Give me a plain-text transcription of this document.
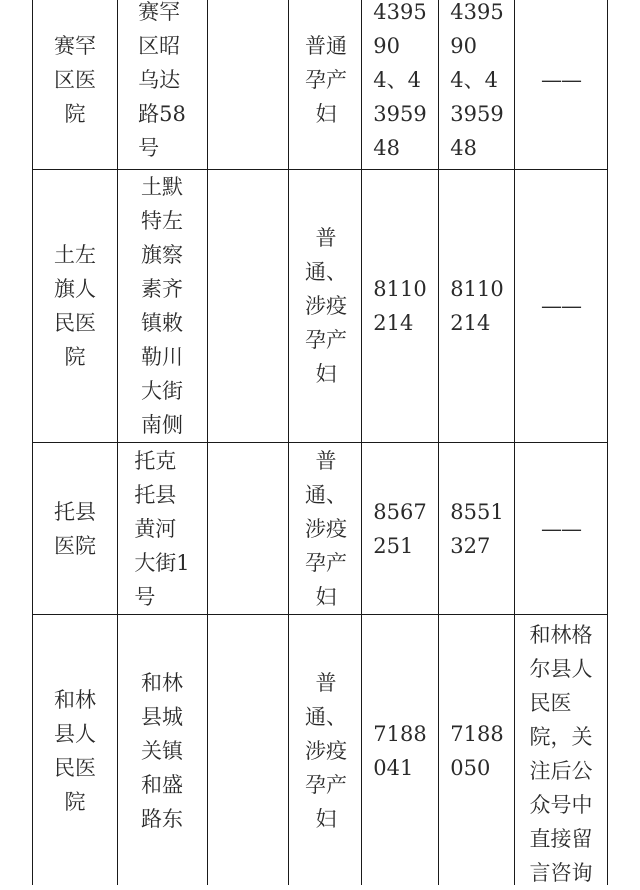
赛罕
区医
院
赛罕
区昭
乌达
路58
号
普通
孕产
妇
4395
90
4、4
3959
48
4395
90
4、4
3959
48
——
土左
旗人
民医
院
土默
特左
旗察
素齐
镇敕
勒川
大街
南侧
普
通、
涉疫
孕产
妇
8110
214
8110
214
——
托县
医院
托克
托县
黄河
大街1
号
普
通、
涉疫
孕产
妇
8567
251
8551
327
——
和林
县人
民医
院
和林
县城
关镇
和盛
路东
普
通、
涉疫
孕产
妇
7188
041
7188
050
和林格
尔县人
民医
院，关
注后公
众号中
直接留
言咨询
